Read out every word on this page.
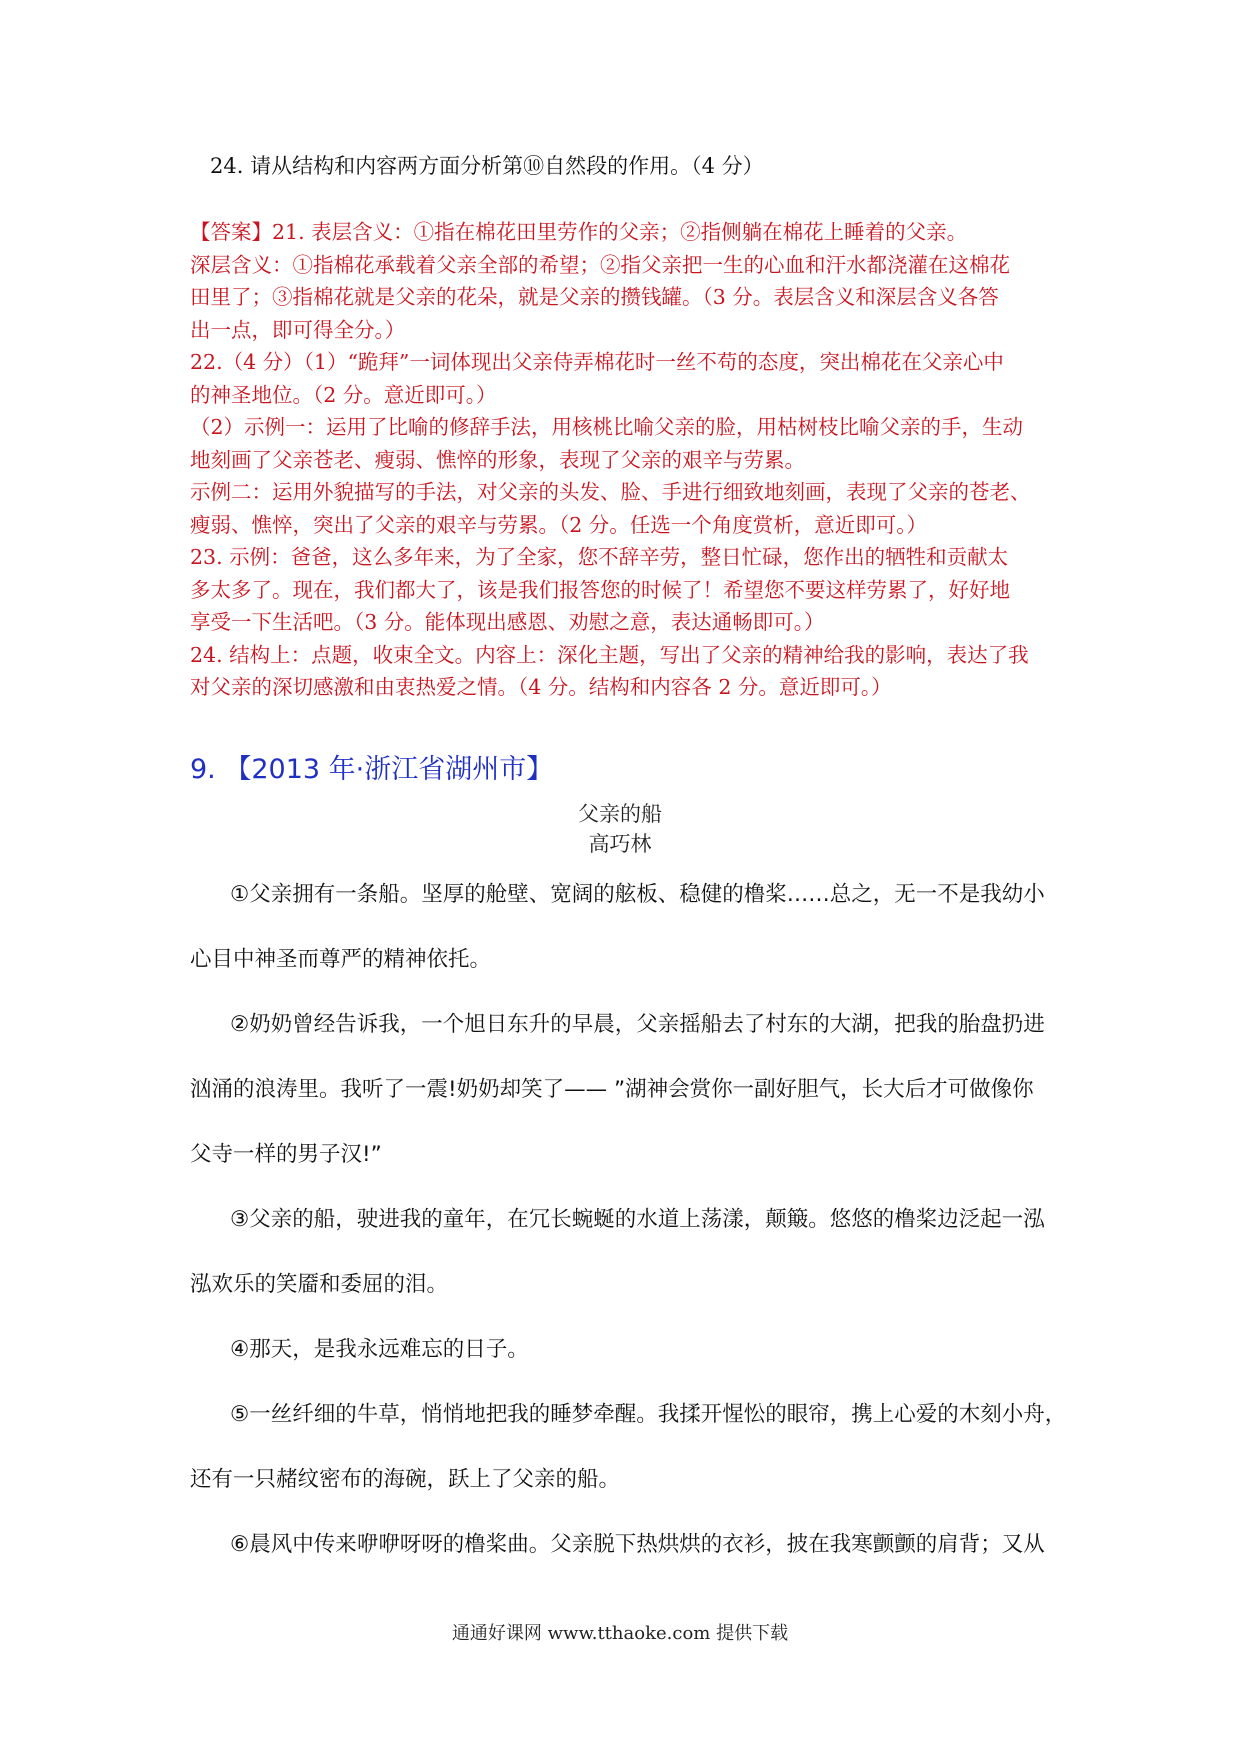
24. 请从结构和内容两方面分析第⑩自然段的作用。（4 分）

【答案】21. 表层含义：①指在棉花田里劳作的父亲；②指侧躺在棉花上睡着的父亲。

深层含义：①指棉花承载着父亲全部的希望；②指父亲把一生的心血和汗水都浇灌在这棉花

田里了；③指棉花就是父亲的花朵，就是父亲的攒钱罐。（3 分。表层含义和深层含义各答

出一点，即可得全分。）

22.（4 分）（1）“跪拜”一词体现出父亲侍弄棉花时一丝不苟的态度，突出棉花在父亲心中

的神圣地位。（2 分。意近即可。）

（2）示例一：运用了比喻的修辞手法，用核桃比喻父亲的脸，用枯树枝比喻父亲的手，生动

地刻画了父亲苍老、瘦弱、憔悴的形象，表现了父亲的艰辛与劳累。

示例二：运用外貌描写的手法，对父亲的头发、脸、手进行细致地刻画，表现了父亲的苍老、

瘦弱、憔悴，突出了父亲的艰辛与劳累。（2 分。任选一个角度赏析，意近即可。）

23. 示例：爸爸，这么多年来，为了全家，您不辞辛劳，整日忙碌，您作出的牺牲和贡献太

多太多了。现在，我们都大了，该是我们报答您的时候了！希望您不要这样劳累了，好好地

享受一下生活吧。（3 分。能体现出感恩、劝慰之意，表达通畅即可。）

24. 结构上：点题，收束全文。内容上：深化主题，写出了父亲的精神给我的影响，表达了我

对父亲的深切感激和由衷热爱之情。（4 分。结构和内容各 2 分。意近即可。）

9. 【2013 年·浙江省湖州市】
父亲的船
高巧林

①父亲拥有一条船。坚厚的舱壁、宽阔的舷板、稳健的橹桨……总之，无一不是我幼小

心目中神圣而尊严的精神依托。

②奶奶曾经告诉我，一个旭日东升的早晨，父亲摇船去了村东的大湖，把我的胎盘扔进

汹涌的浪涛里。我听了一震!奶奶却笑了—— ”湖神会赏你一副好胆气，长大后才可做像你

父寺一样的男子汉!”

③父亲的船，驶进我的童年，在冗长蜿蜒的水道上荡漾，颠簸。悠悠的橹桨边泛起一泓

泓欢乐的笑靥和委屈的泪。

④那天，是我永远难忘的日子。

⑤一丝纤细的牛草，悄悄地把我的睡梦牵醒。我揉开惺忪的眼帘，携上心爱的木刻小舟，

还有一只赭纹密布的海碗，跃上了父亲的船。

⑥晨风中传来咿咿呀呀的橹桨曲。父亲脱下热烘烘的衣衫，披在我寒颤颤的肩背；又从

通通好课网 www.tthaoke.com 提供下载
